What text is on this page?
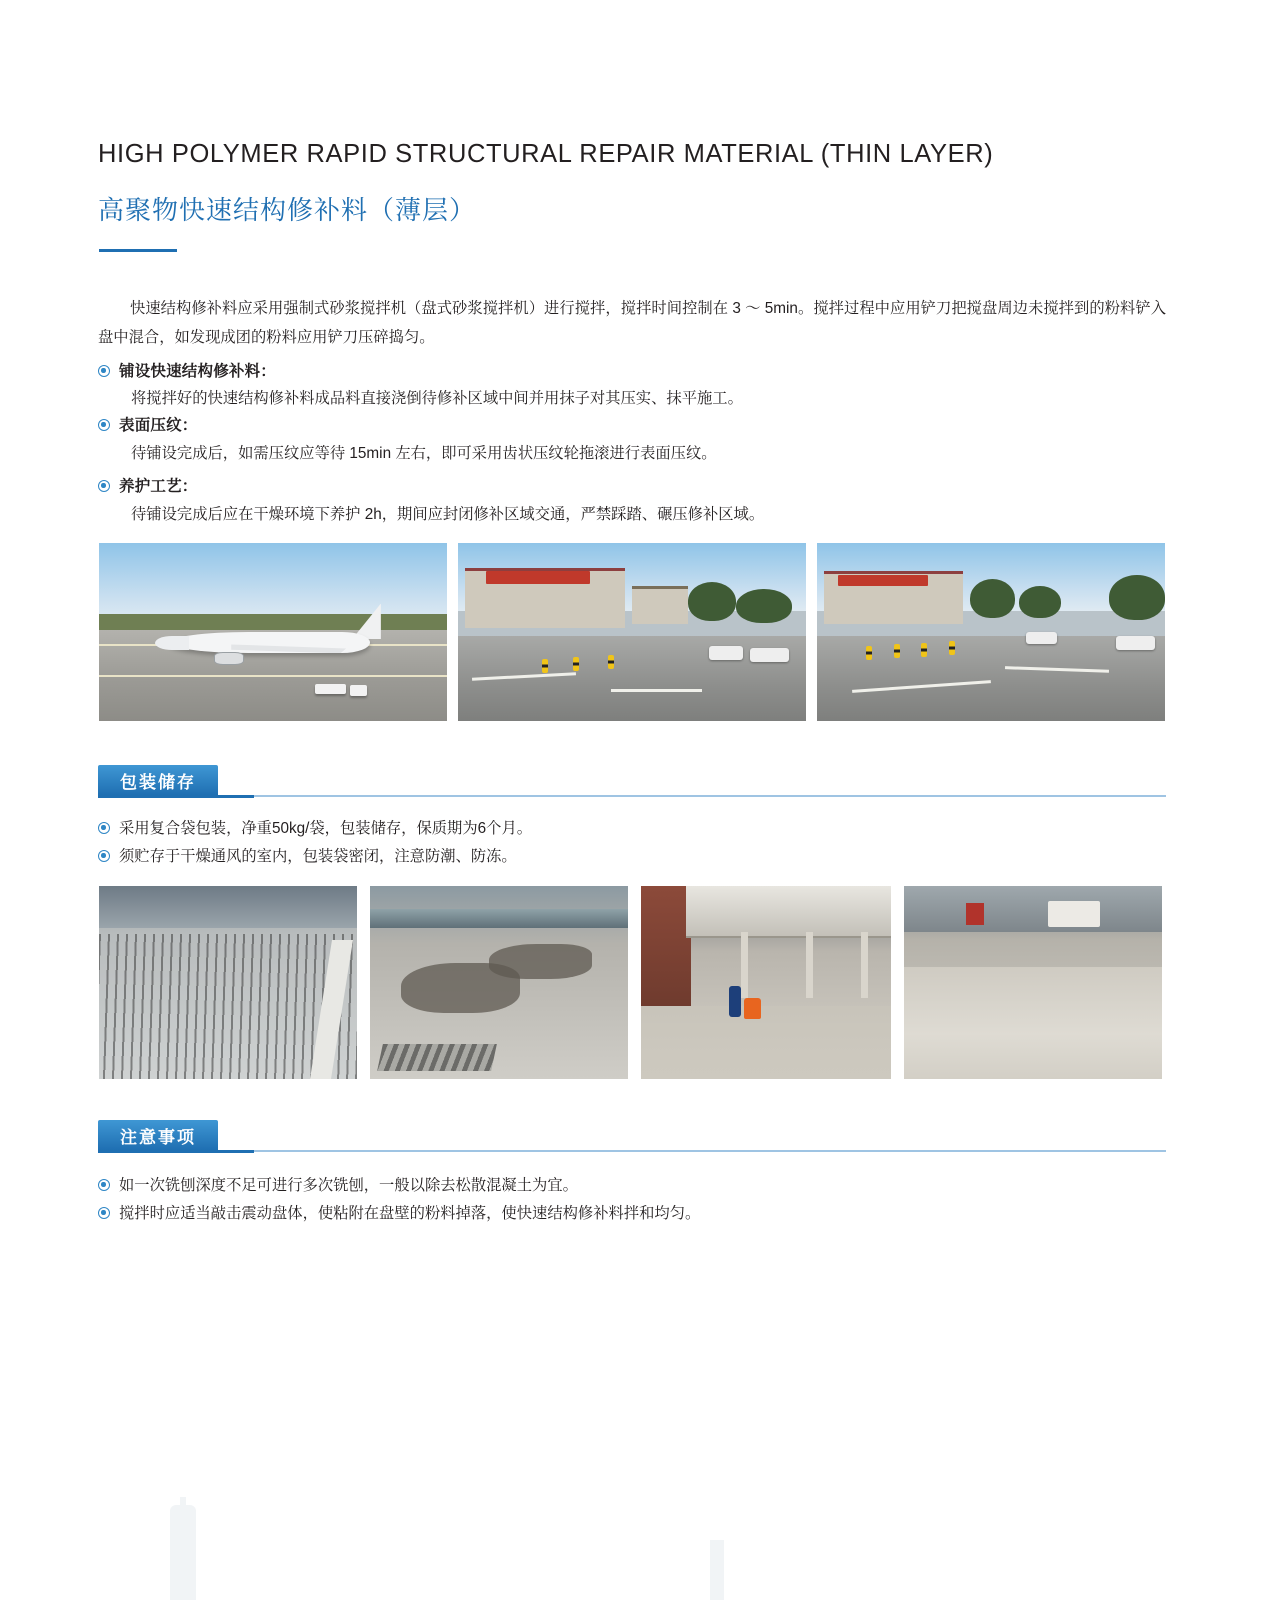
HIGH POLYMER RAPID STRUCTURAL REPAIR MATERIAL (THIN LAYER)
高聚物快速结构修补料（薄层）
快速结构修补料应采用强制式砂浆搅拌机（盘式砂浆搅拌机）进行搅拌，搅拌时间控制在 3 ～ 5min。搅拌过程中应用铲刀把搅盘周边未搅拌到的粉料铲入盘中混合，如发现成团的粉料应用铲刀压碎捣匀。
铺设快速结构修补料：
将搅拌好的快速结构修补料成品料直接浇倒待修补区域中间并用抹子对其压实、抹平施工。
表面压纹：
待铺设完成后，如需压纹应等待 15min 左右，即可采用齿状压纹轮拖滚进行表面压纹。
养护工艺：
待铺设完成后应在干燥环境下养护 2h，期间应封闭修补区域交通，严禁踩踏、碾压修补区域。
包装储存
采用复合袋包装，净重50kg/袋，包装储存，保质期为6个月。
须贮存于干燥通风的室内，包装袋密闭，注意防潮、防冻。
注意事项
如一次铣刨深度不足可进行多次铣刨，一般以除去松散混凝土为宜。
搅拌时应适当敲击震动盘体，使粘附在盘壁的粉料掉落，使快速结构修补料拌和均匀。
